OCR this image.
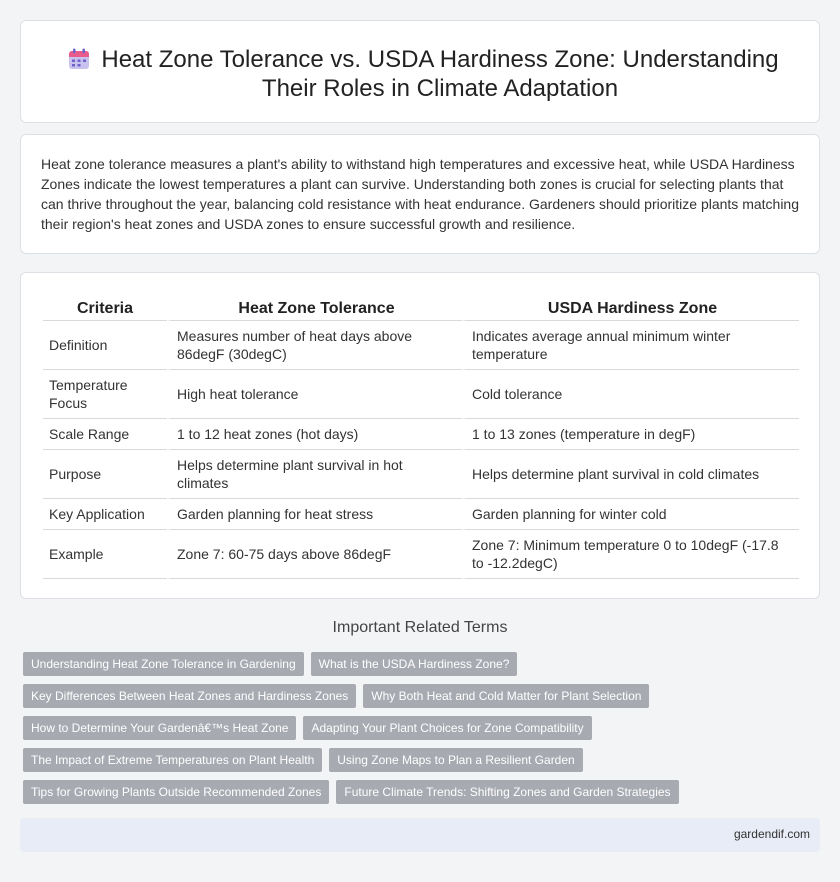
Heat Zone Tolerance vs. USDA Hardiness Zone: Understanding Their Roles in Climate Adaptation

Heat zone tolerance measures a plant's ability to withstand high temperatures and excessive heat, while USDA Hardiness Zones indicate the lowest temperatures a plant can survive. Understanding both zones is crucial for selecting plants that can thrive throughout the year, balancing cold resistance with heat endurance. Gardeners should prioritize plants matching their region's heat zones and USDA zones to ensure successful growth and resilience.

Criteria	Heat Zone Tolerance	USDA Hardiness Zone
Definition	Measures number of heat days above 86degF (30degC)	Indicates average annual minimum winter temperature
Temperature Focus	High heat tolerance	Cold tolerance
Scale Range	1 to 12 heat zones (hot days)	1 to 13 zones (temperature in degF)
Purpose	Helps determine plant survival in hot climates	Helps determine plant survival in cold climates
Key Application	Garden planning for heat stress	Garden planning for winter cold
Example	Zone 7: 60-75 days above 86degF	Zone 7: Minimum temperature 0 to 10degF (-17.8 to -12.2degC)
Important Related Terms
Understanding Heat Zone Tolerance in Gardening	What is the USDA Hardiness Zone?
Key Differences Between Heat Zones and Hardiness Zones	Why Both Heat and Cold Matter for Plant Selection
How to Determine Your Gardenâ€™s Heat Zone	Adapting Your Plant Choices for Zone Compatibility
The Impact of Extreme Temperatures on Plant Health	Using Zone Maps to Plan a Resilient Garden
Tips for Growing Plants Outside Recommended Zones	Future Climate Trends: Shifting Zones and Garden Strategies
gardendif.com
